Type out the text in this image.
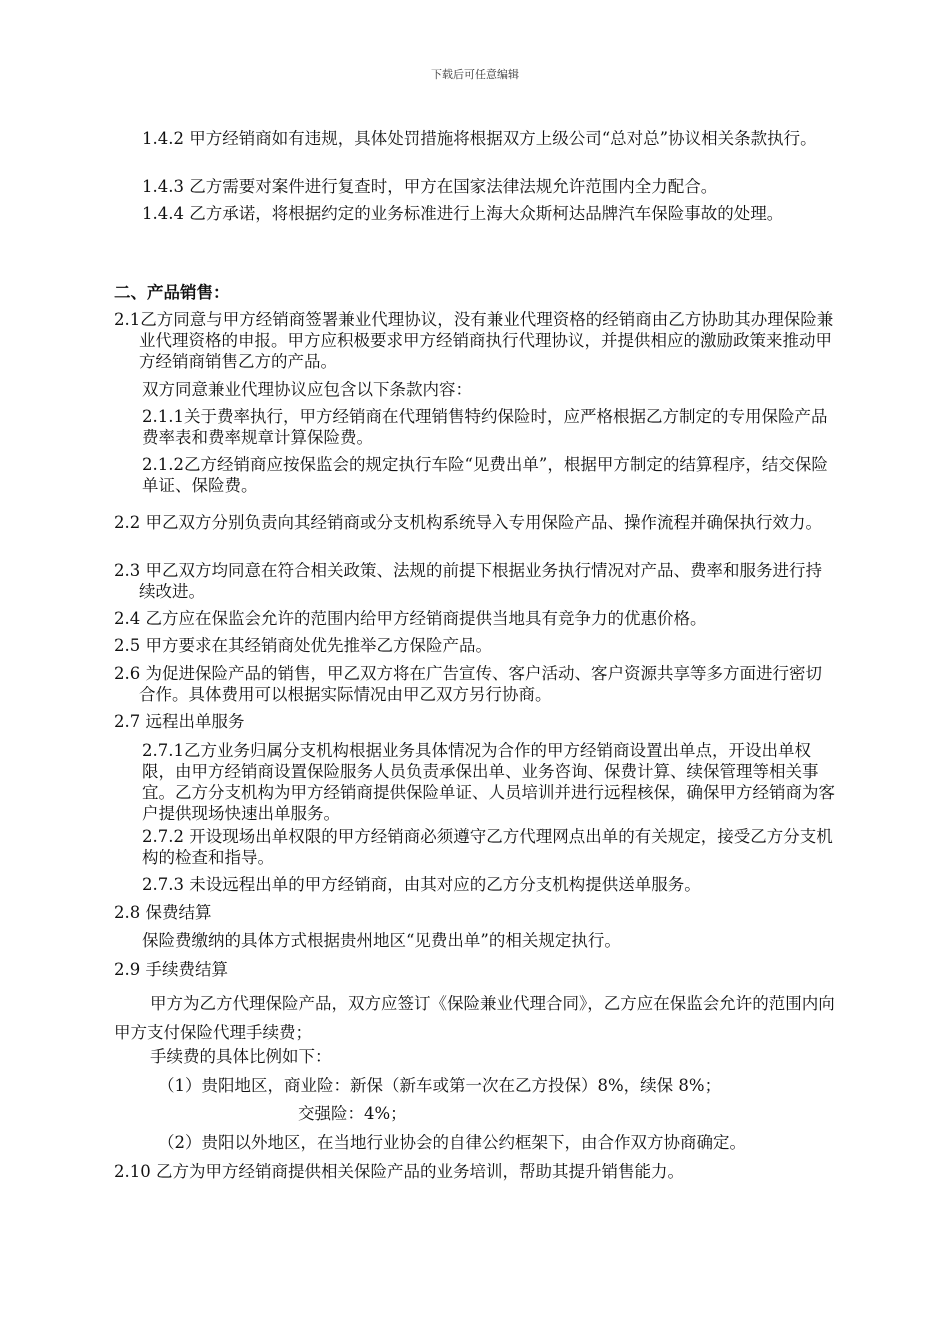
下载后可任意编辑

1.4.2 甲方经销商如有违规，具体处罚措施将根据双方上级公司“总对总”协议相关条款执行。

1.4.3 乙方需要对案件进行复查时，甲方在国家法律法规允许范围内全力配合。

1.4.4 乙方承诺，将根据约定的业务标准进行上海大众斯柯达品牌汽车保险事故的处理。

二、产品销售：

2.1乙方同意与甲方经销商签署兼业代理协议，没有兼业代理资格的经销商由乙方协助其办理保险兼业代理资格的申报。甲方应积极要求甲方经销商执行代理协议，并提供相应的激励政策来推动甲方经销商销售乙方的产品。

双方同意兼业代理协议应包含以下条款内容：

2.1.1关于费率执行，甲方经销商在代理销售特约保险时，应严格根据乙方制定的专用保险产品费率表和费率规章计算保险费。

2.1.2乙方经销商应按保监会的规定执行车险“见费出单”，根据甲方制定的结算程序，结交保险单证、保险费。

2.2 甲乙双方分别负责向其经销商或分支机构系统导入专用保险产品、操作流程并确保执行效力。

2.3 甲乙双方均同意在符合相关政策、法规的前提下根据业务执行情况对产品、费率和服务进行持续改进。

2.4 乙方应在保监会允许的范围内给甲方经销商提供当地具有竞争力的优惠价格。

2.5 甲方要求在其经销商处优先推举乙方保险产品。

2.6 为促进保险产品的销售，甲乙双方将在广告宣传、客户活动、客户资源共享等多方面进行密切合作。具体费用可以根据实际情况由甲乙双方另行协商。

2.7 远程出单服务

2.7.1乙方业务归属分支机构根据业务具体情况为合作的甲方经销商设置出单点，开设出单权限，由甲方经销商设置保险服务人员负责承保出单、业务咨询、保费计算、续保管理等相关事宜。乙方分支机构为甲方经销商提供保险单证、人员培训并进行远程核保，确保甲方经销商为客户提供现场快速出单服务。

2.7.2 开设现场出单权限的甲方经销商必须遵守乙方代理网点出单的有关规定，接受乙方分支机构的检查和指导。

2.7.3 未设远程出单的甲方经销商，由其对应的乙方分支机构提供送单服务。

2.8 保费结算

保险费缴纳的具体方式根据贵州地区“见费出单”的相关规定执行。

2.9 手续费结算

甲方为乙方代理保险产品，双方应签订《保险兼业代理合同》，乙方应在保监会允许的范围内向甲方支付保险代理手续费；

手续费的具体比例如下：

（1）贵阳地区，商业险：新保（新车或第一次在乙方投保）8%，续保 8%；

交强险：4%；

（2）贵阳以外地区，在当地行业协会的自律公约框架下，由合作双方协商确定。

2.10 乙方为甲方经销商提供相关保险产品的业务培训，帮助其提升销售能力。
